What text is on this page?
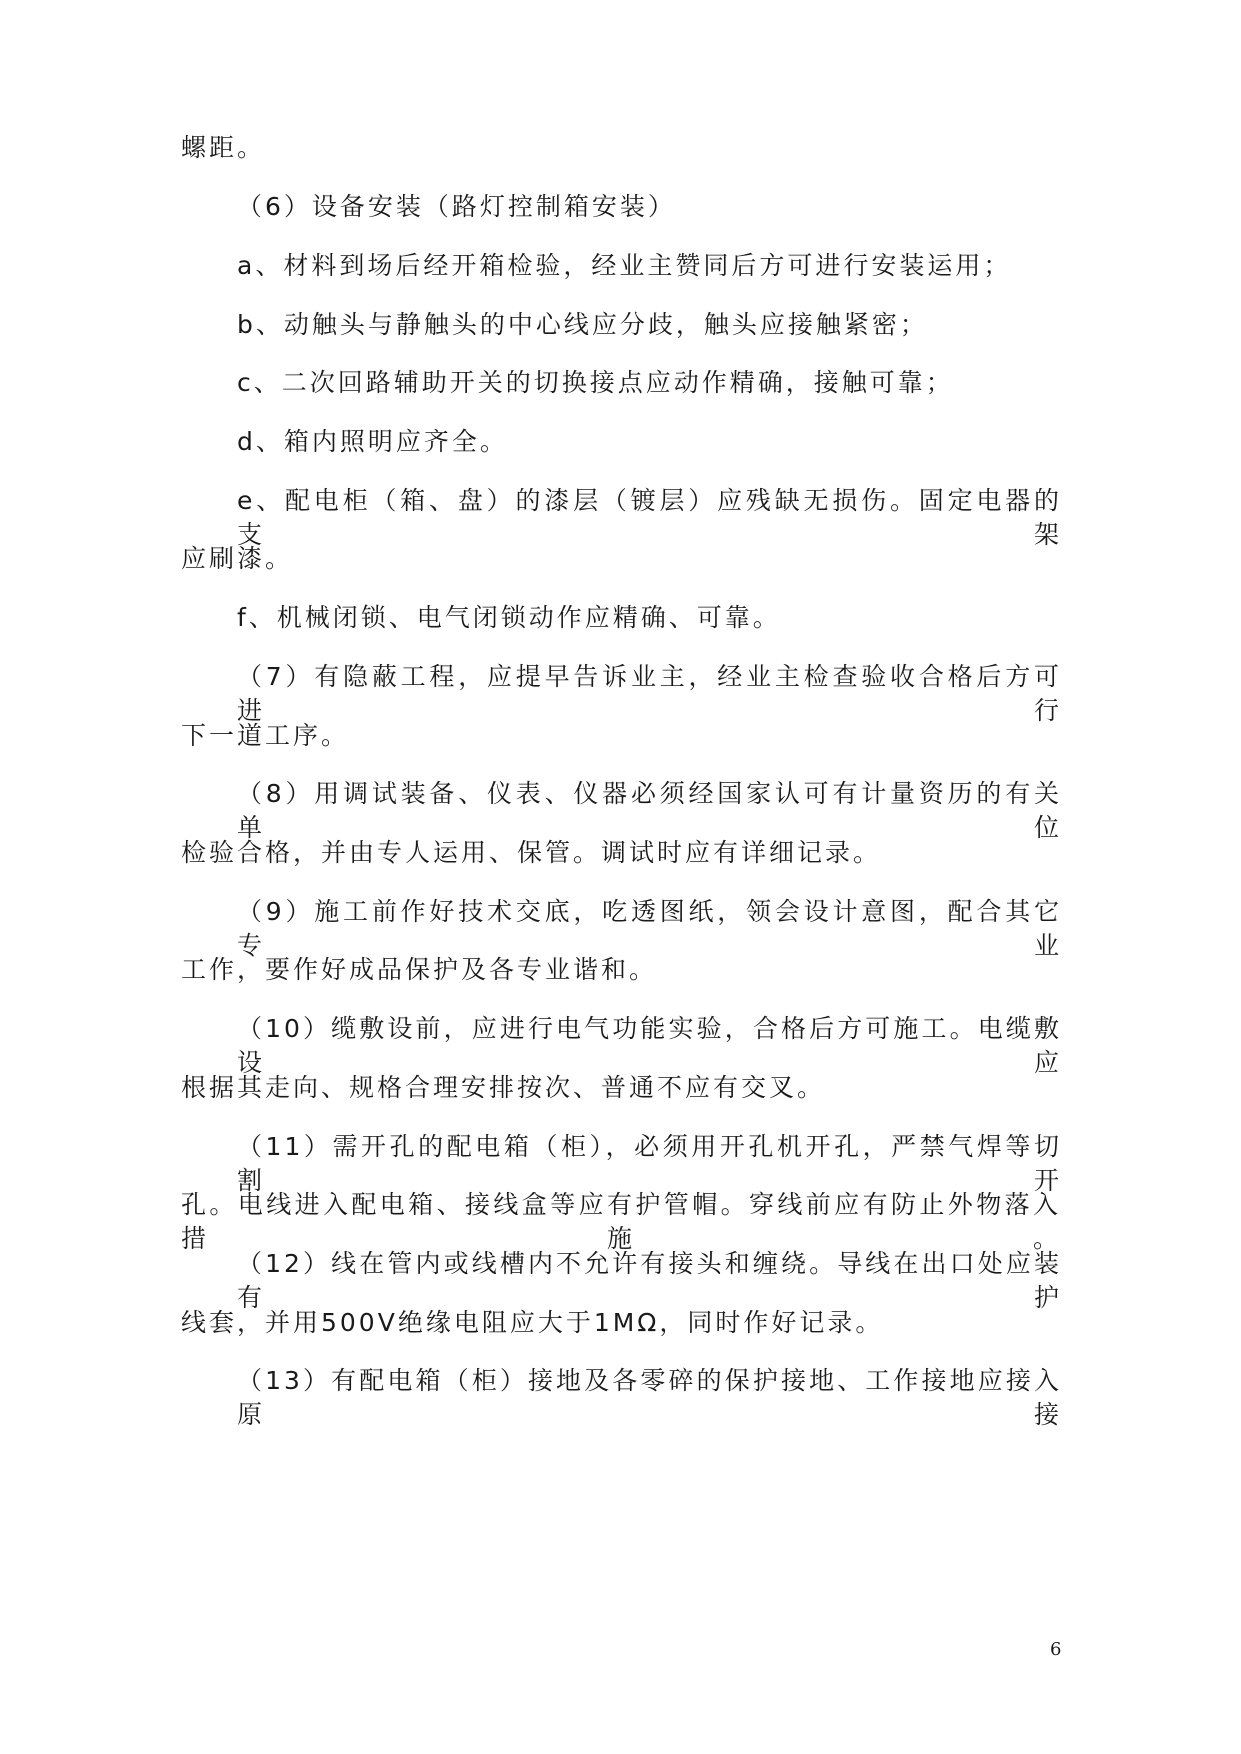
螺距。
（6）设备安装（路灯控制箱安装）
a、材料到场后经开箱检验，经业主赞同后方可进行安装运用；
b、动触头与静触头的中心线应分歧，触头应接触紧密；
c、二次回路辅助开关的切换接点应动作精确，接触可靠；
d、箱内照明应齐全。
e、配电柜（箱、盘）的漆层（镀层）应残缺无损伤。固定电器的支架
应刷漆。
f、机械闭锁、电气闭锁动作应精确、可靠。
（7）有隐蔽工程，应提早告诉业主，经业主检查验收合格后方可进行
下一道工序。
（8）用调试装备、仪表、仪器必须经国家认可有计量资历的有关单位
检验合格，并由专人运用、保管。调试时应有详细记录。
（9）施工前作好技术交底，吃透图纸，领会设计意图，配合其它专业
工作，要作好成品保护及各专业谐和。
（10）缆敷设前，应进行电气功能实验，合格后方可施工。电缆敷设应
根据其走向、规格合理安排按次、普通不应有交叉。
（11）需开孔的配电箱（柜），必须用开孔机开孔，严禁气焊等切割开
孔。电线进入配电箱、接线盒等应有护管帽。穿线前应有防止外物落入措施。
（12）线在管内或线槽内不允许有接头和缠绕。导线在出口处应装有护
线套，并用500V绝缘电阻应大于1MΩ，同时作好记录。
（13）有配电箱（柜）接地及各零碎的保护接地、工作接地应接入原接
6
